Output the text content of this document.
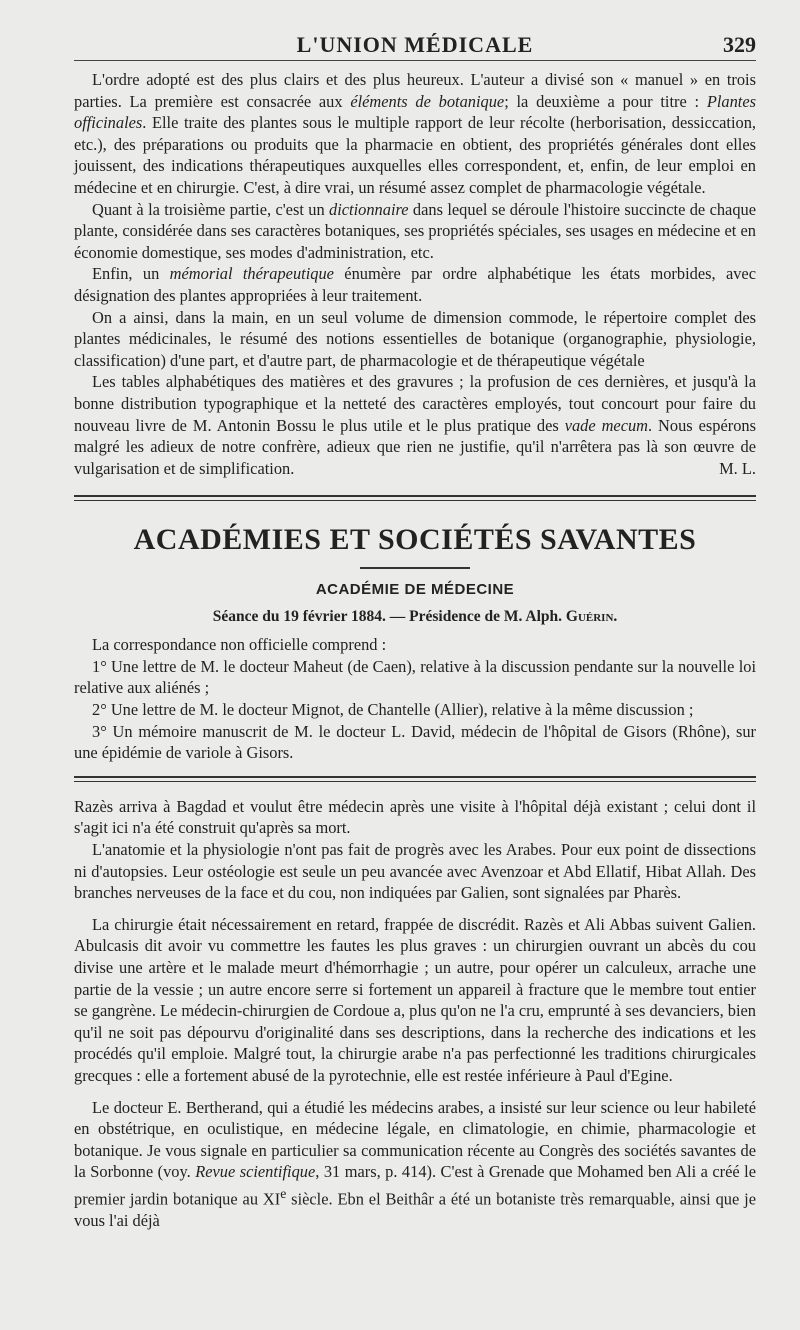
L'UNION MÉDICALE	329

L'ordre adopté est des plus clairs et des plus heureux. L'auteur a divisé son « manuel » en trois parties. La première est consacrée aux éléments de botanique; la deuxième a pour titre : Plantes officinales. Elle traite des plantes sous le multiple rapport de leur récolte (herborisation, dessiccation, etc.), des préparations ou produits que la pharmacie en obtient, des propriétés générales dont elles jouissent, des indications thérapeutiques auxquelles elles correspondent, et, enfin, de leur emploi en médecine et en chirurgie. C'est, à dire vrai, un résumé assez complet de pharmacologie végétale.

Quant à la troisième partie, c'est un dictionnaire dans lequel se déroule l'histoire succincte de chaque plante, considérée dans ses caractères botaniques, ses propriétés spéciales, ses usages en médecine et en économie domestique, ses modes d'administration, etc.

Enfin, un mémorial thérapeutique énumère par ordre alphabétique les états morbides, avec désignation des plantes appropriées à leur traitement.

On a ainsi, dans la main, en un seul volume de dimension commode, le répertoire complet des plantes médicinales, le résumé des notions essentielles de botanique (organographie, physiologie, classification) d'une part, et d'autre part, de pharmacologie et de thérapeutique végétale

Les tables alphabétiques des matières et des gravures ; la profusion de ces dernières, et jusqu'à la bonne distribution typographique et la netteté des caractères employés, tout concourt pour faire du nouveau livre de M. Antonin Bossu le plus utile et le plus pratique des vade mecum. Nous espérons malgré les adieux de notre confrère, adieux que rien ne justifie, qu'il n'arrêtera pas là son œuvre de vulgarisation et de simplification.	M. L.

ACADÉMIES ET SOCIÉTÉS SAVANTES
ACADÉMIE DE MÉDECINE
Séance du 19 février 1884. — Présidence de M. Alph. Guérin.

La correspondance non officielle comprend :

1° Une lettre de M. le docteur Maheut (de Caen), relative à la discussion pendante sur la nouvelle loi relative aux aliénés ;

2° Une lettre de M. le docteur Mignot, de Chantelle (Allier), relative à la même discussion ;

3° Un mémoire manuscrit de M. le docteur L. David, médecin de l'hôpital de Gisors (Rhône), sur une épidémie de variole à Gisors.

Razès arriva à Bagdad et voulut être médecin après une visite à l'hôpital déjà existant ; celui dont il s'agit ici n'a été construit qu'après sa mort.

L'anatomie et la physiologie n'ont pas fait de progrès avec les Arabes. Pour eux point de dissections ni d'autopsies. Leur ostéologie est seule un peu avancée avec Avenzoar et Abd Ellatif, Hibat Allah. Des branches nerveuses de la face et du cou, non indiquées par Galien, sont signalées par Pharès.

La chirurgie était nécessairement en retard, frappée de discrédit. Razès et Ali Abbas suivent Galien. Abulcasis dit avoir vu commettre les fautes les plus graves : un chirurgien ouvrant un abcès du cou divise une artère et le malade meurt d'hémorrhagie ; un autre, pour opérer un calculeux, arrache une partie de la vessie ; un autre encore serre si fortement un appareil à fracture que le membre tout entier se gangrène. Le médecin-chirurgien de Cordoue a, plus qu'on ne l'a cru, emprunté à ses devanciers, bien qu'il ne soit pas dépourvu d'originalité dans ses descriptions, dans la recherche des indications et les procédés qu'il emploie. Malgré tout, la chirurgie arabe n'a pas perfectionné les traditions chirurgicales grecques : elle a fortement abusé de la pyrotechnie, elle est restée inférieure à Paul d'Egine.

Le docteur E. Bertherand, qui a étudié les médecins arabes, a insisté sur leur science ou leur habileté en obstétrique, en oculistique, en médecine légale, en climatologie, en chimie, pharmacologie et botanique. Je vous signale en particulier sa communication récente au Congrès des sociétés savantes de la Sorbonne (voy. Revue scientifique, 31 mars, p. 414). C'est à Grenade que Mohamed ben Ali a créé le premier jardin botanique au XIe siècle. Ebn el Beithâr a été un botaniste très remarquable, ainsi que je vous l'ai déjà
